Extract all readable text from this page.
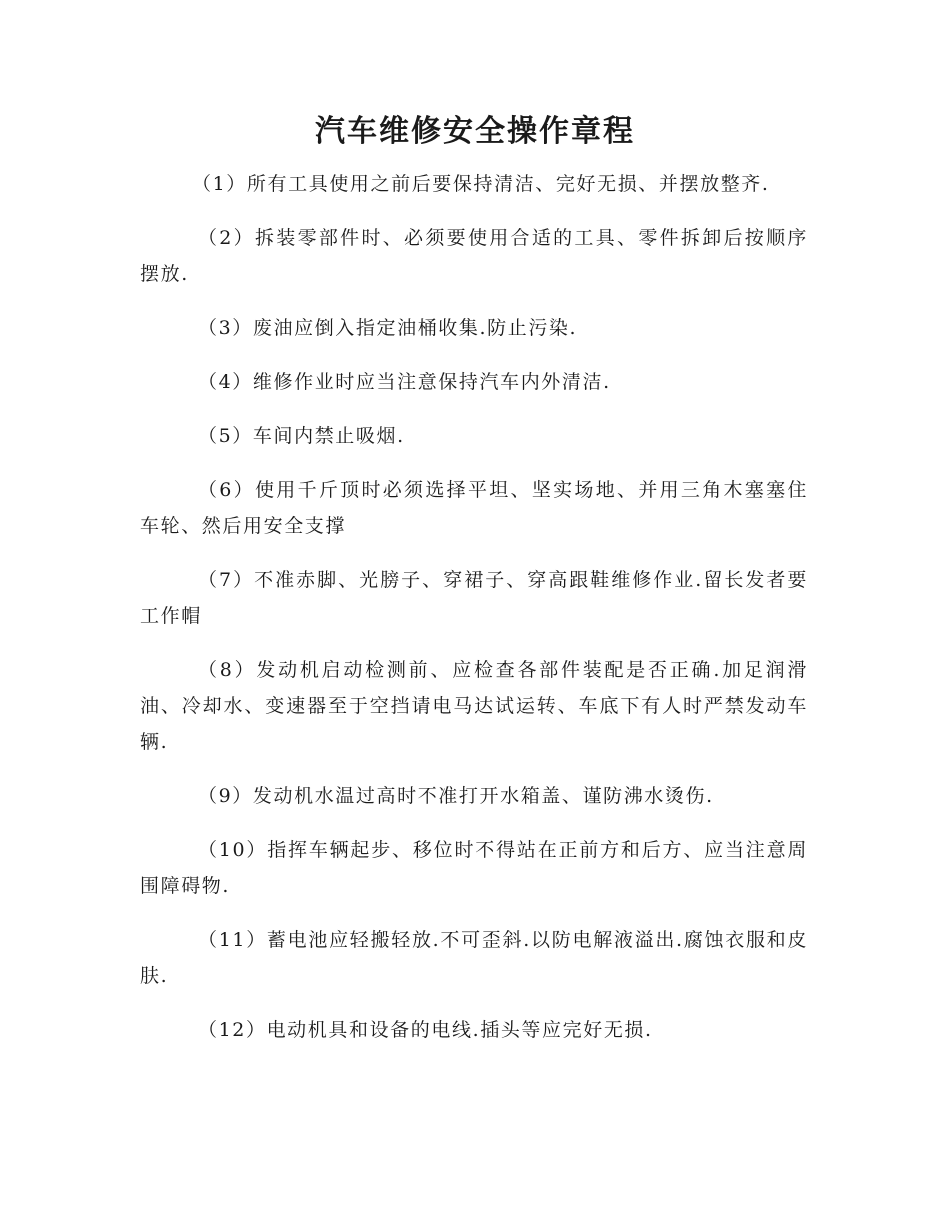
汽车维修安全操作章程

（1）所有工具使用之前后要保持清洁、完好无损、并摆放整齐.

（2）拆装零部件时、必须要使用合适的工具、零件拆卸后按顺序摆放.

（3）废油应倒入指定油桶收集.防止污染.

（4）维修作业时应当注意保持汽车内外清洁.

（5）车间内禁止吸烟.

（6）使用千斤顶时必须选择平坦、坚实场地、并用三角木塞塞住车轮、然后用安全支撑

（7）不准赤脚、光膀子、穿裙子、穿高跟鞋维修作业.留长发者要工作帽

（8）发动机启动检测前、应检查各部件装配是否正确.加足润滑油、冷却水、变速器至于空挡请电马达试运转、车底下有人时严禁发动车辆.

（9）发动机水温过高时不准打开水箱盖、谨防沸水烫伤.

（10）指挥车辆起步、移位时不得站在正前方和后方、应当注意周围障碍物.

（11）蓄电池应轻搬轻放.不可歪斜.以防电解液溢出.腐蚀衣服和皮肤.

（12）电动机具和设备的电线.插头等应完好无损.
